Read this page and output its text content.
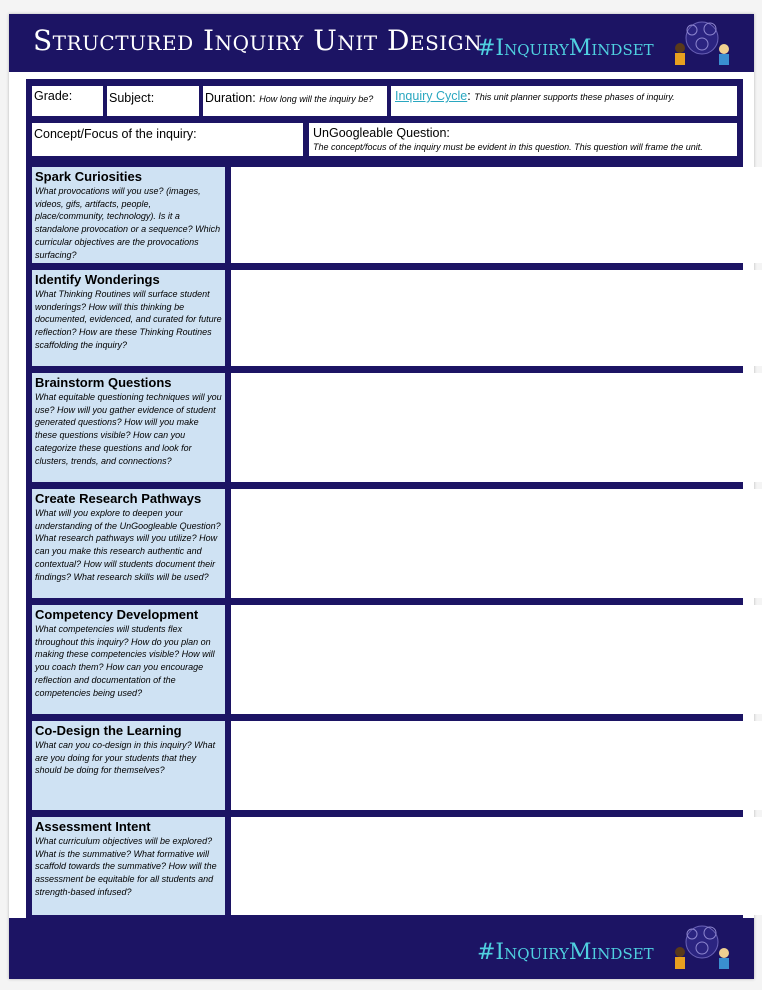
Structured Inquiry Unit Design
#InquiryMindset
Grade:	Subject:	Duration: How long will the inquiry be? Inquiry Cycle: This unit planner supports these phases of inquiry.
Concept/Focus of the inquiry:	UnGoogleable Question:
The concept/focus of the inquiry must be evident in this question. This question will frame the unit.
Spark Curiosities

What provocations will you use? (images, videos, gifs, artifacts, people, place/community, technology). Is it a standalone provocation or a sequence? Which curricular objectives are the provocations surfacing?

Identify Wonderings

What Thinking Routines will surface student wonderings? How will this thinking be documented, evidenced, and curated for future reflection? How are these Thinking Routines scaffolding the inquiry?

Brainstorm Questions

What equitable questioning techniques will you use? How will you gather evidence of student generated questions? How will you make these questions visible? How can you categorize these questions and look for clusters, trends, and connections?

Create Research Pathways

What will you explore to deepen your understanding of the UnGoogleable Question? What research pathways will you utilize? How can you make this research authentic and contextual? How will students document their findings? What research skills will be used?

Competency Development

What competencies will students flex throughout this inquiry? How do you plan on making these competencies visible? How will you coach them? How can you encourage reflection and documentation of the competencies being used?

Co-Design the Learning

What can you co-design in this inquiry? What are you doing for your students that they should be doing for themselves?

Assessment Intent

What curriculum objectives will be explored? What is the summative? What formative will scaffold towards the summative? How will the assessment be equitable for all students and strength-based infused?

#InquiryMindset
